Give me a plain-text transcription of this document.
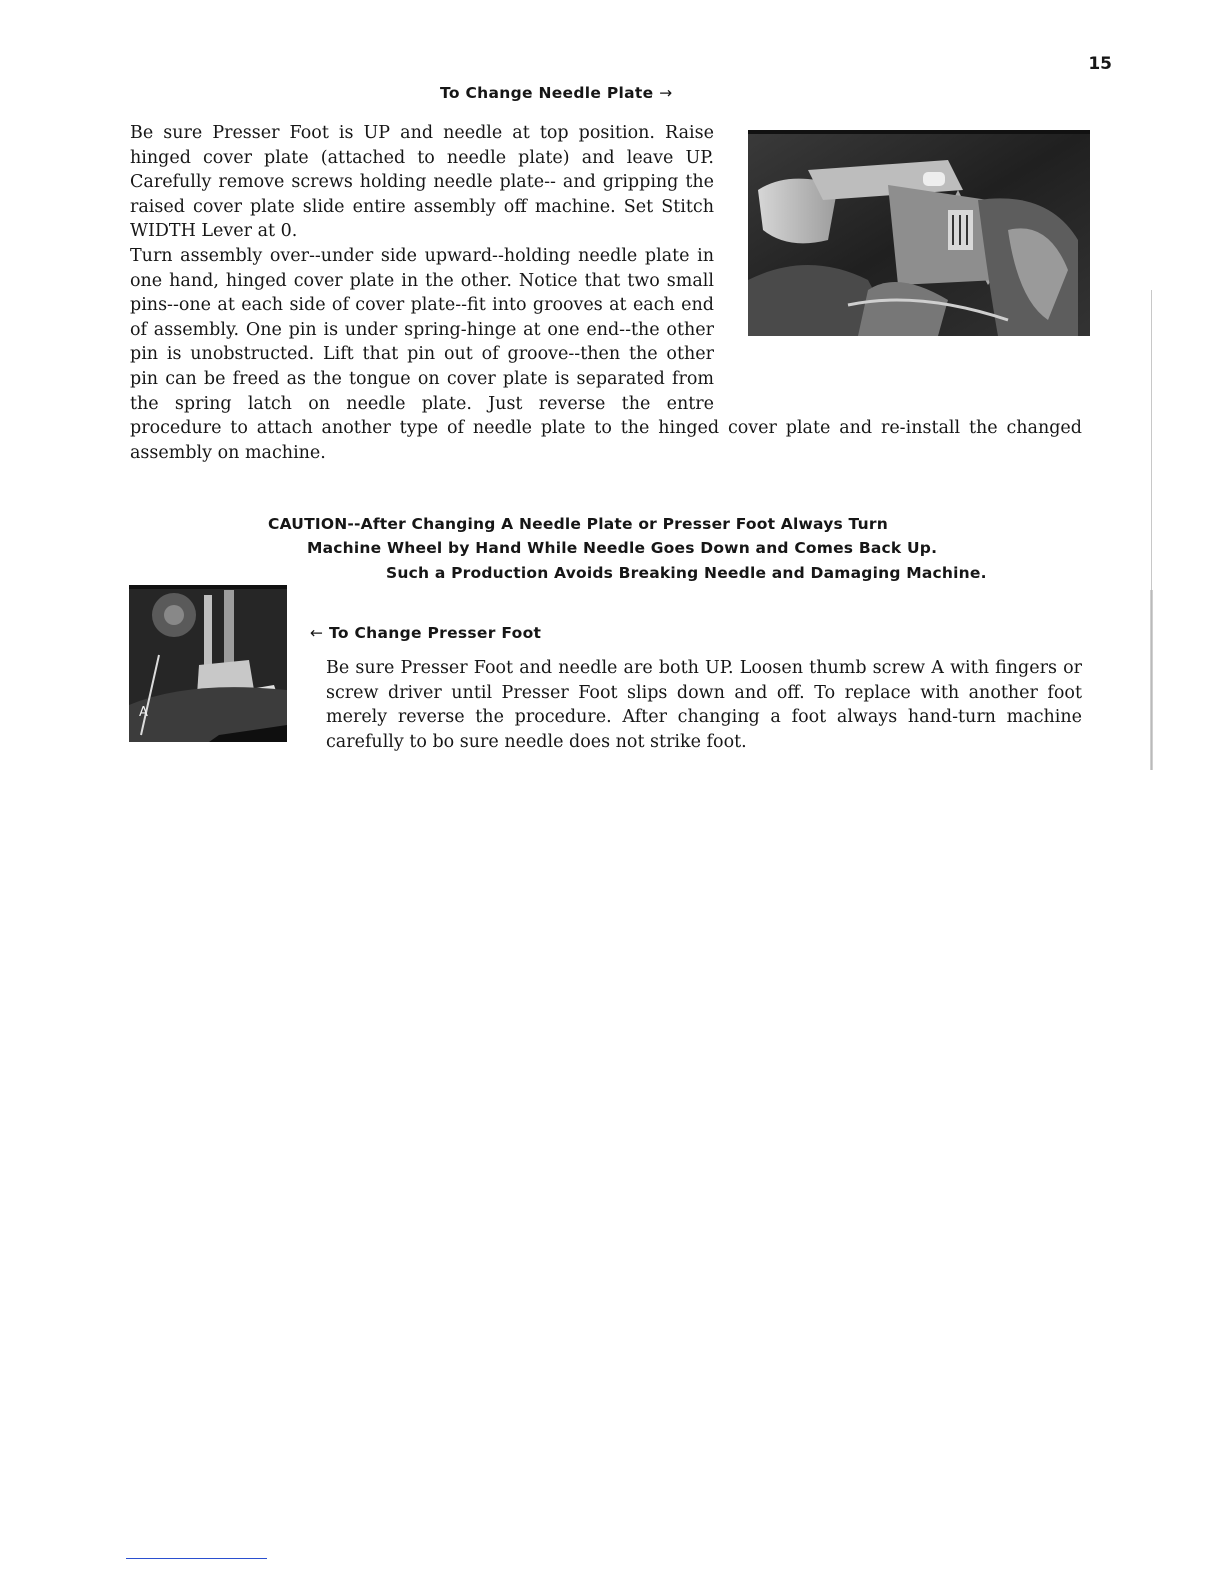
15
To Change Needle Plate →

Be sure Presser Foot is UP and needle at top position. Raise hinged cover plate (attached to needle plate) and leave UP. Carefully remove screws holding needle plate-- and gripping the raised cover plate slide entire assembly off machine. Set Stitch WIDTH Lever at 0.

Turn assembly over--under side upward--holding needle plate in one hand, hinged cover plate in the other. Notice that two small pins--one at each side of cover plate--fit into grooves at each end of assembly. One pin is under spring-hinge at one end--the other pin is unobstructed. Lift that pin out of groove--then the other pin can be freed as the tongue on cover plate is separated from the spring latch on needle plate. Just reverse the entre procedure to attach another type of needle plate to the hinged cover plate and re-install the changed assembly on machine.

CAUTION--After Changing A Needle Plate or Presser Foot Always Turn
Machine Wheel by Hand While Needle Goes Down and Comes Back Up.
Such a Production Avoids Breaking Needle and Damaging Machine.
A
← To Change Presser Foot

Be sure Presser Foot and needle are both UP. Loosen thumb screw A with fingers or screw driver until Presser Foot slips down and off. To replace with another foot merely reverse the procedure. After changing a foot always hand-turn machine carefully to bo sure needle does not strike foot.
